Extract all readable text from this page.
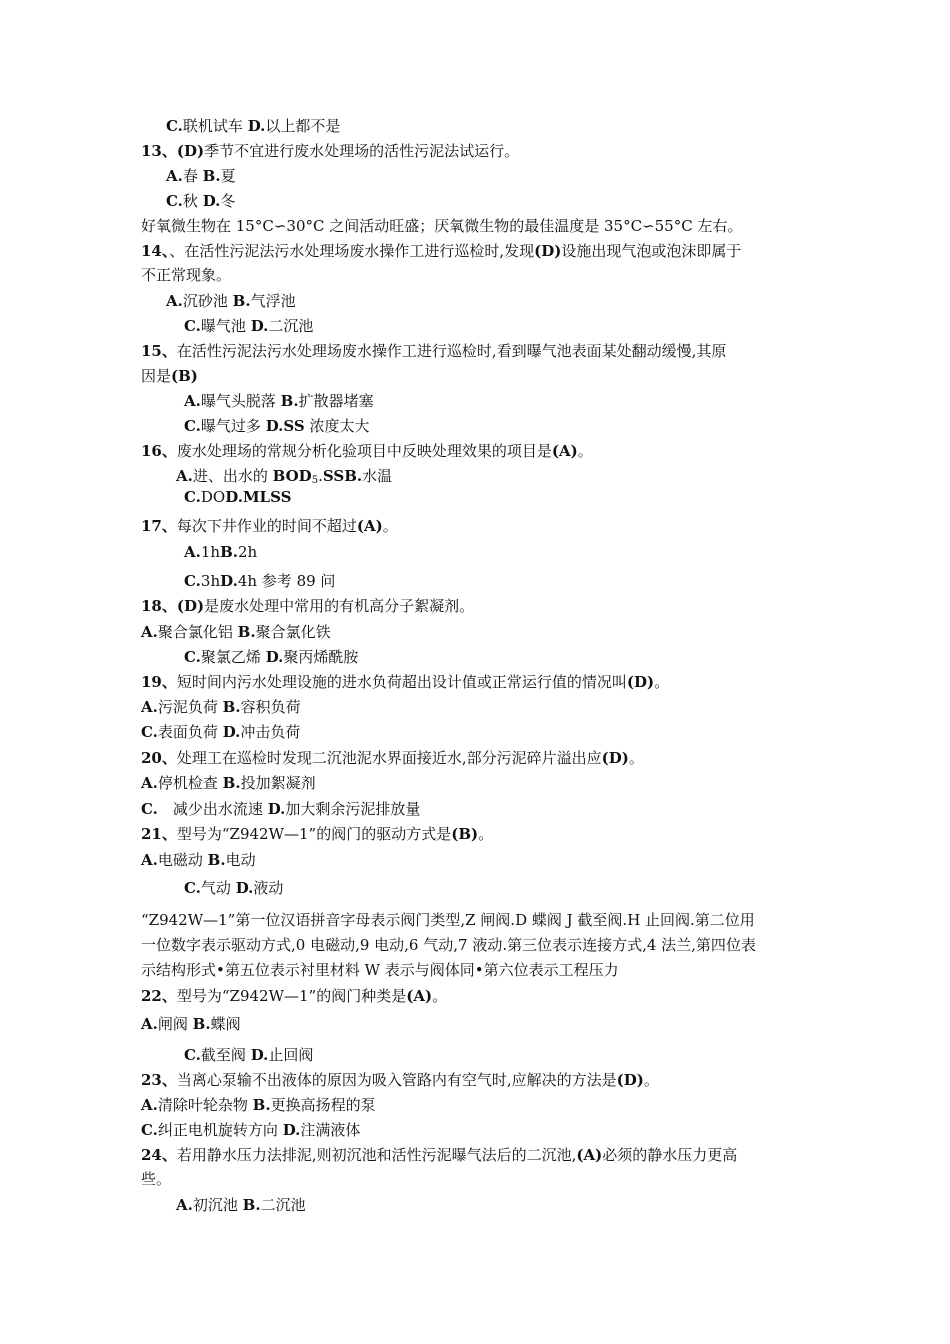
C.联机试车 D.以上都不是
13、(D)季节不宜进行废水处理场的活性污泥法试运行。
A.春 B.夏
C.秋 D.冬
好氧微生物在 15°C∽30°C 之间活动旺盛；厌氧微生物的最佳温度是 35°C∽55°C 左右。
14、、在活性污泥法污水处理场废水操作工进行巡检时,发现(D)设施出现气泡或泡沫即属于
不正常现象。
A.沉砂池 B.气浮池
C.曝气池 D.二沉池
15、在活性污泥法污水处理场废水操作工进行巡检时,看到曝气池表面某处翻动缓慢,其原
因是(B)
A.曝气头脱落 B.扩散器堵塞
C.曝气过多 D.SS 浓度太大
16、废水处理场的常规分析化验项目中反映处理效果的项目是(A)。
A.进、出水的 $BOD_5.SSB$.水温
C.DOD.MLSS
17、每次下井作业的时间不超过(A)。
A.1hB.2h
C.3hD.4h 参考 89 问
18、(D)是废水处理中常用的有机高分子絮凝剂。
A.聚合氯化铝 B.聚合氯化铁
C.聚氯乙烯 D.聚丙烯酰胺
19、短时间内污水处理设施的进水负荷超出设计值或正常运行值的情况叫(D)。
A.污泥负荷 B.容积负荷
C.表面负荷 D.冲击负荷
20、处理工在巡检时发现二沉池泥水界面接近水,部分污泥碎片溢出应(D)。
A.停机检查 B.投加絮凝剂
C.　减少出水流速 D.加大剩余污泥排放量
21、型号为“Z942W—1”的阀门的驱动方式是(B)。
A.电磁动 B.电动
C.气动 D.液动
“Z942W—1”第一位汉语拼音字母表示阀门类型,Z 闸阀.D 蝶阀 J 截至阀.H 止回阀.第二位用
一位数字表示驱动方式,0 电磁动,9 电动,6 气动,7 液动.第三位表示连接方式,4 法兰,第四位表
示结构形式•第五位表示衬里材料 W 表示与阀体同•第六位表示工程压力
22、型号为“Z942W—1”的阀门种类是(A)。
A.闸阀 B.蝶阀
C.截至阀 D.止回阀
23、当离心泵输不出液体的原因为吸入管路内有空气时,应解决的方法是(D)。
A.清除叶轮杂物 B.更换高扬程的泵
C.纠正电机旋转方向 D.注满液体
24、若用静水压力法排泥,则初沉池和活性污泥曝气法后的二沉池,(A)必须的静水压力更高
些。
A.初沉池 B.二沉池
